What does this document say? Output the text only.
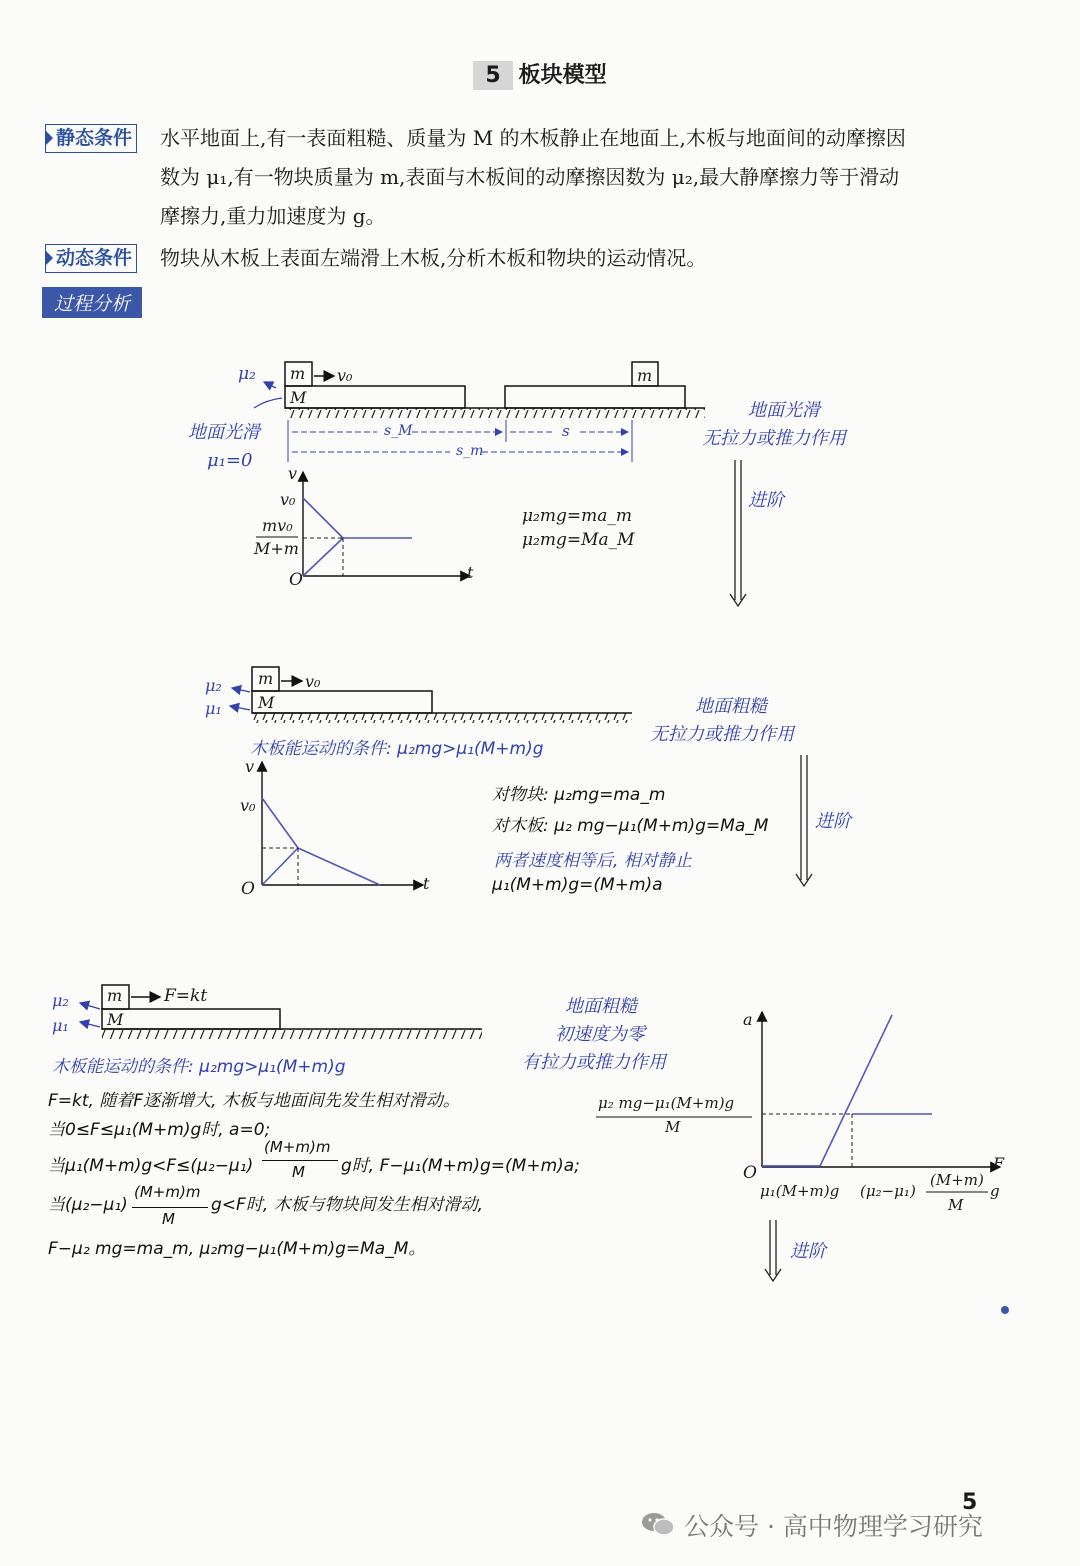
5 板块模型
静态条件 水平地面上,有一表面粗糙、质量为 M 的木板静止在地面上,木板与地面间的动摩擦因
数为 μ₁,有一物块质量为 m,表面与木板间的动摩擦因数为 μ₂,最大静摩擦力等于滑动
摩擦力,重力加速度为 g。
动态条件 物块从木板上表面左端滑上木板,分析木板和物块的运动情况。
过程分析
μ₂ m v₀
M
m
地面光滑
μ₁=0
s_M	s
s_m
地面光滑
无拉力或推力作用
v
v₀
mv₀
M+m
O	t
μ₂mg=ma_m
μ₂mg=Ma_M
进阶
μ₂
μ₁
m v₀
M
木板能运动的条件: μ₂mg>μ₁(M+m)g
地面粗糙
无拉力或推力作用
v
v₀
O	t
对物块: μ₂mg=ma_m
对木板: μ₂ mg−μ₁(M+m)g=Ma_M
两者速度相等后, 相对静止
μ₁(M+m)g=(M+m)a
进阶
μ₂
μ₁
m
M
F=kt
木板能运动的条件: μ₂mg>μ₁(M+m)g
地面粗糙
初速度为零
有拉力或推力作用
F=kt, 随着F逐渐增大, 木板与地面间先发生相对滑动。
当0≤F≤μ₁(M+m)g时, a=0;
当μ₁(M+m)g<F≤(μ₂−μ₁)
(M+m)m
M g时, F−μ₁(M+m)g=(M+m)a;
当(μ₂−μ₁)
(M+m)m
M
g<F时, 木板与物块间发生相对滑动,
F−μ₂ mg=ma_m, μ₂mg−μ₁(M+m)g=Ma_M。
a
F
O
μ₂ mg−μ₁(M+m)g
M
μ₁(M+m)g (μ₂−μ₁)
(M+m)
M
g
进阶
5
公众号 · 高中物理学习研究
